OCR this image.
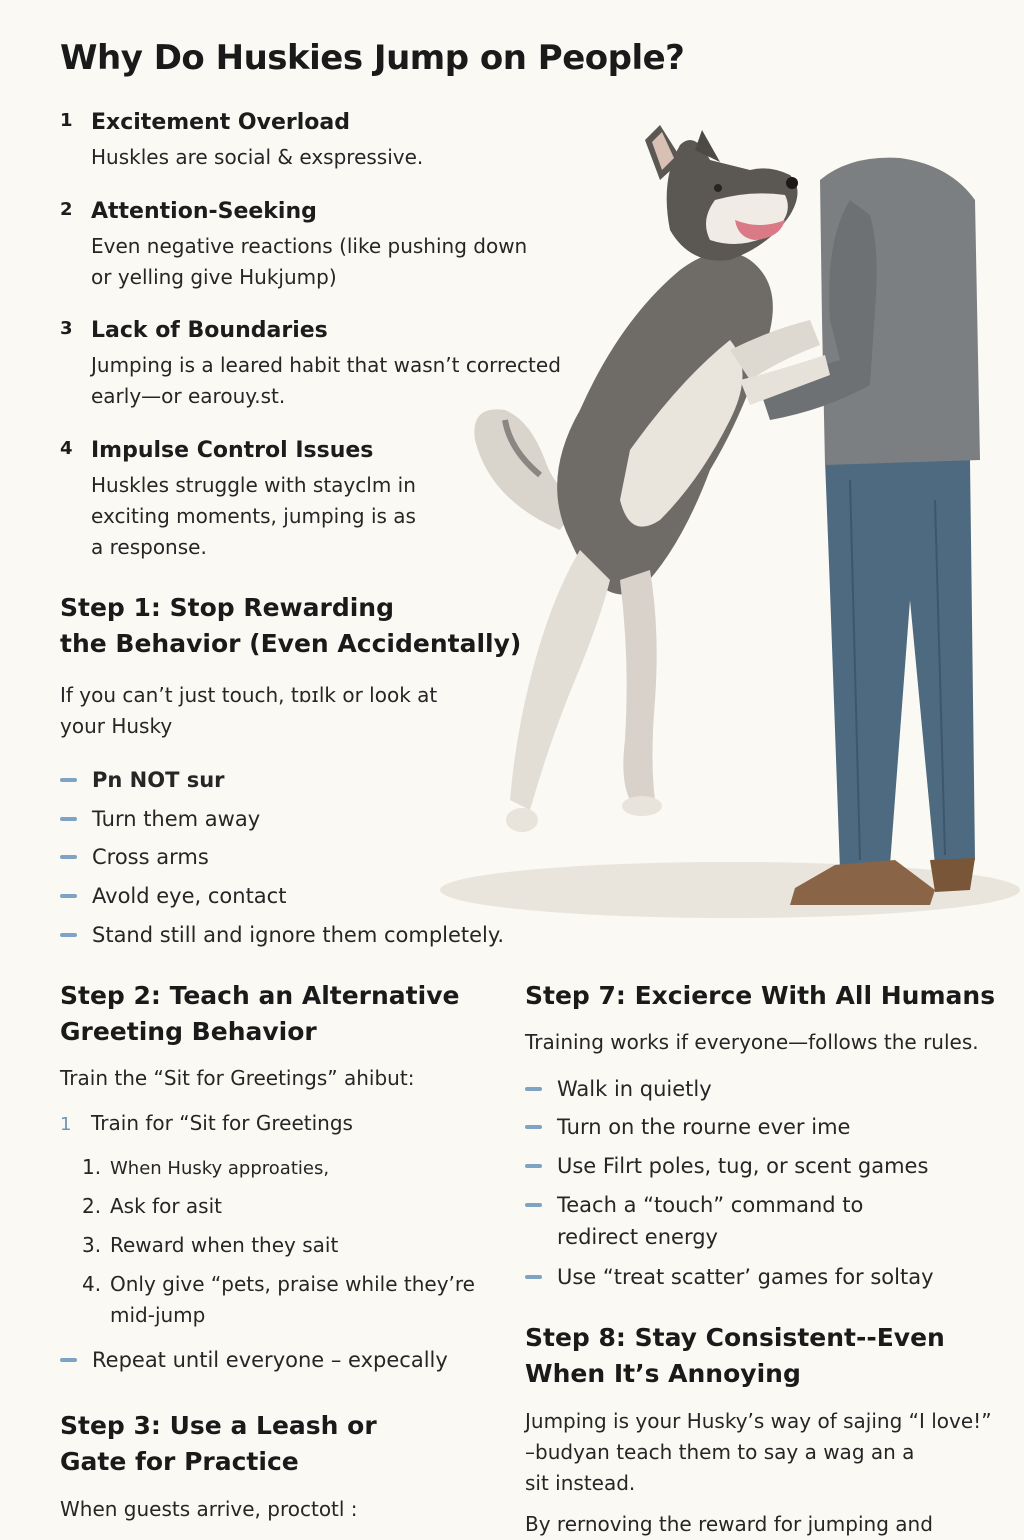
Why Do Huskies Jump on People?
1 Excitement Overload
Huskles are social & exspressive.
2 Attention-Seeking
Even negative reactions (like pushing down or yelling give Hukjump)
3 Lack of Boundaries
Jumping is a leared habit that wasn’t corrected early—or earouy.st.
4 Impulse Control Issues
Huskles struggle with stayclm in exciting moments, jumping is as a response.
Step 1: Stop Rewarding
the Behavior (Even Accidentally)
If you can’t just touch, tɒɪlk or look at
your Husky
Pn NOT sur
Turn them away
Cross arms
Avold eye, contact
Stand still and ignore them completely.
Step 2: Teach an Alternative
Greeting Behavior
Train the “Sit for Greetings” ahibut:
1 Train for “Sit for Greetings
1. When Husky approaties,
2. Ask for asit
3. Reward when they sait
4. Only give “pets, praise while they’re
mid-jump
Repeat until everyone – expecally
Step 3: Use a Leash or
Gate for Practice
When guests arrive, proctotl :
Step 7: Excierce With All Humans
Training works if everyone—follows the rules.
Walk in quietly
Turn on the rourne ever ime
Use Filrt poles, tug, or scent games
Teach a “touch” command to redirect energy
Use “treat scatter’ games for soltay
Step 8: Stay Consistent--Even
When It’s Annoying
Jumping is your Husky’s way of sajing “I love!”
–budyan teach them to say a wag an a
sit instead.
By rernoving the reward for jumping and
